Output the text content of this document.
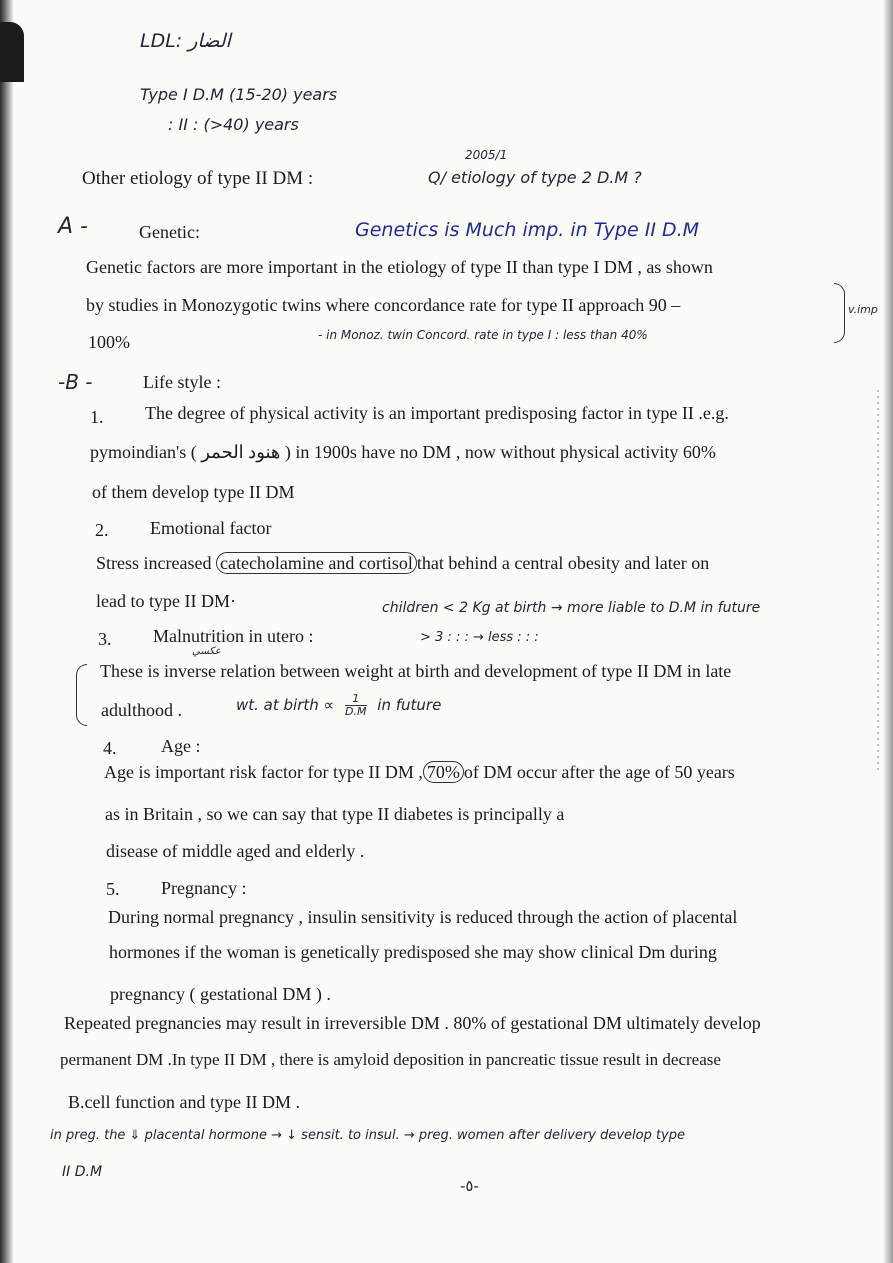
LDL: الضار
Type I D.M (15-20) years
: II : (>40) years
2005/1
Q/ etiology of type 2 D.M ?
Other etiology of type II DM :
A -	Genetic:	Genetics is Much imp. in Type II D.M
Genetic factors are more important in the etiology of type II than type I DM , as shown
by studies in Monozygotic twins where concordance rate for type II approach 90 –
100%	- in Monoz. twin Concord. rate in type I : less than 40%
v.imp
-B -	Life style :
1. The degree of physical activity is an important predisposing factor in type II .e.g.
pymoindian's ( هنود الحمر ) in 1900s have no DM , now without physical activity 60%
of them develop type II DM
2. Emotional factor
Stress increased catecholamine and cortisol that behind a central obesity and later on
lead to type II DM·
3. Malnutrition in utero :
children < 2 Kg at birth → more liable to D.M in future
> 3 : : : → less : : :
عكسي
These is inverse relation between weight at birth and development of type II DM in late
adulthood .	wt. at birth ∝ $\frac{1}{D.M}$ in future
4. Age :
Age is important risk factor for type II DM , 70% of DM occur after the age of 50 years
as in Britain , so we can say that type II diabetes is principally a
disease of middle aged and elderly .
5. Pregnancy :
During normal pregnancy , insulin sensitivity is reduced through the action of placental
hormones if the woman is genetically predisposed she may show clinical Dm during
pregnancy ( gestational DM ) .
Repeated pregnancies may result in irreversible DM . 80% of gestational DM ultimately develop
permanent DM .In type II DM , there is amyloid deposition in pancreatic tissue result in decrease
B.cell function and type II DM .
in preg. the ⇓ placental hormone → ↓ sensit. to insul. → preg. women after delivery develop type
II D.M
-٥-
